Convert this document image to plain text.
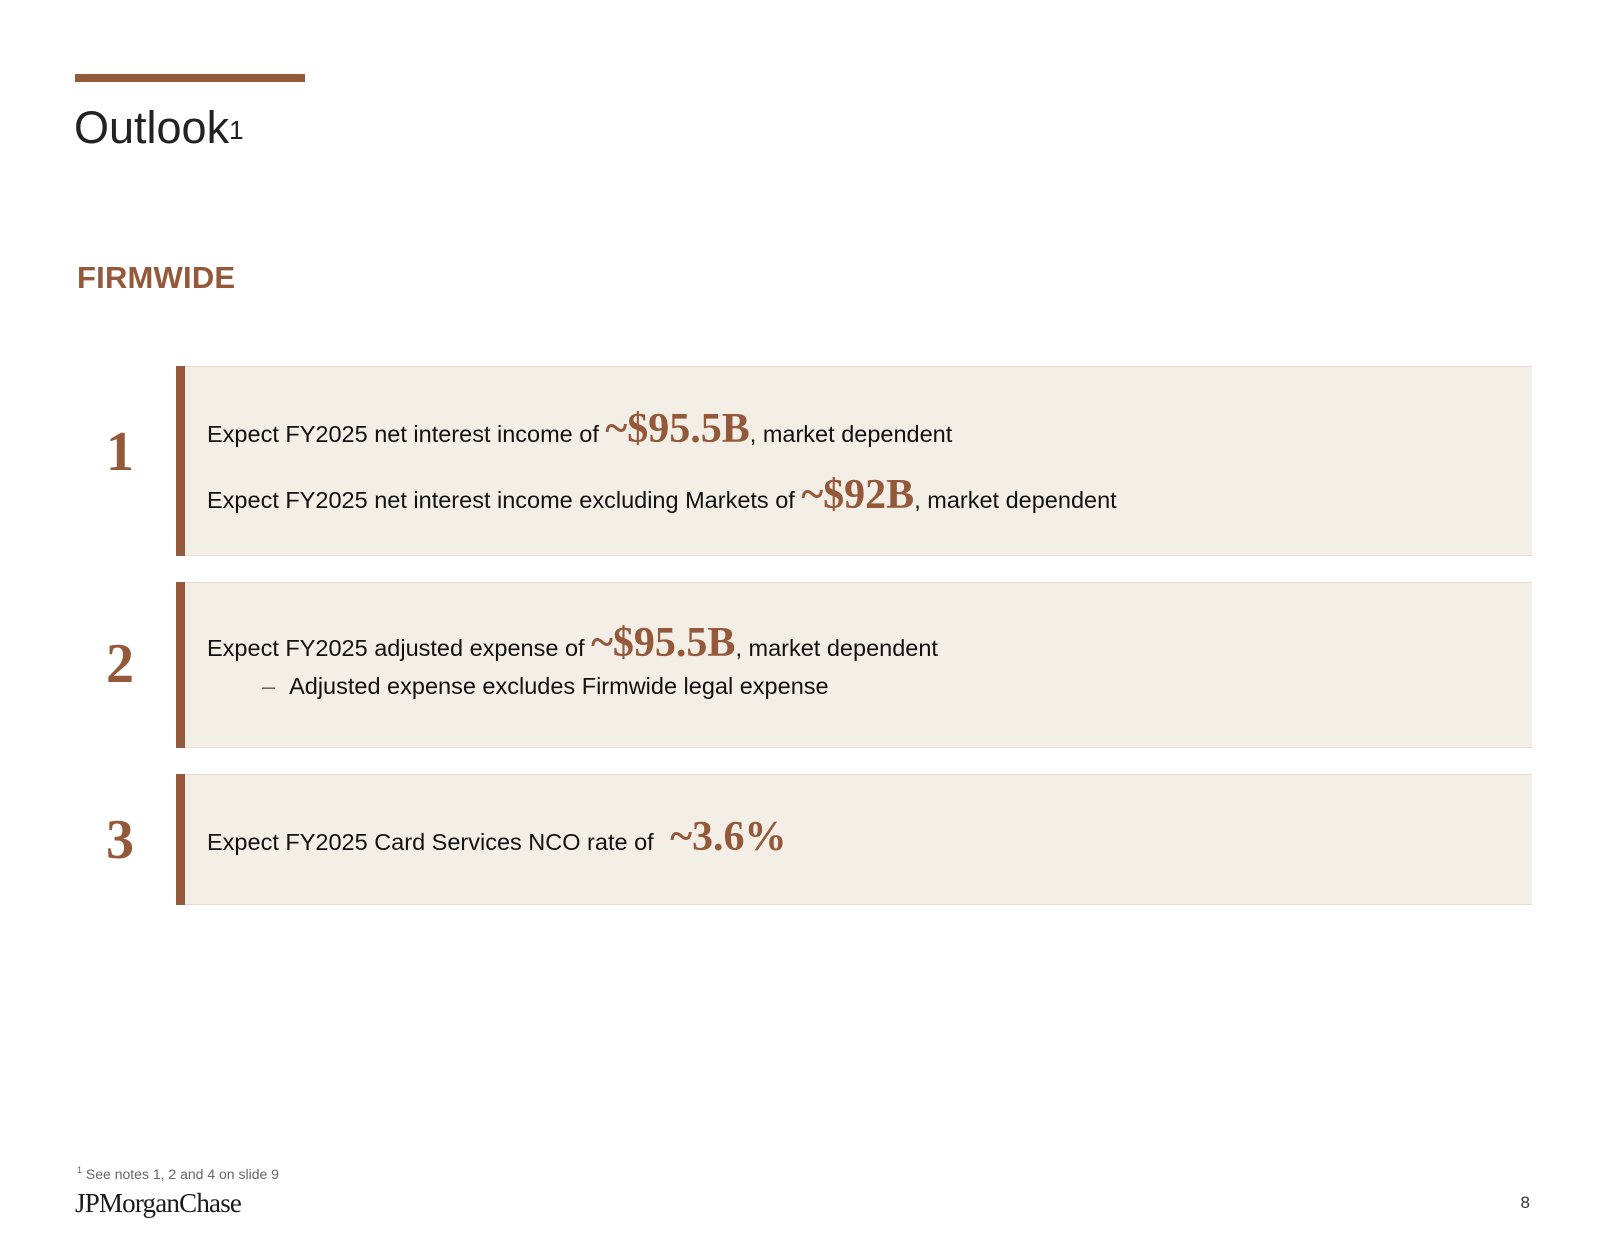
Outlook$^1$
FIRMWIDE
1	Expect FY2025 net interest income of ~$95.5B, market dependent
Expect FY2025 net interest income excluding Markets of ~$92B, market dependent
2	Expect FY2025 adjusted expense of ~$95.5B, market dependent
– Adjusted expense excludes Firmwide legal expense
3	Expect FY2025 Card Services NCO rate of ~3.6%
$^1$ See notes 1, 2 and 4 on slide 9
JPMorganChase	8
